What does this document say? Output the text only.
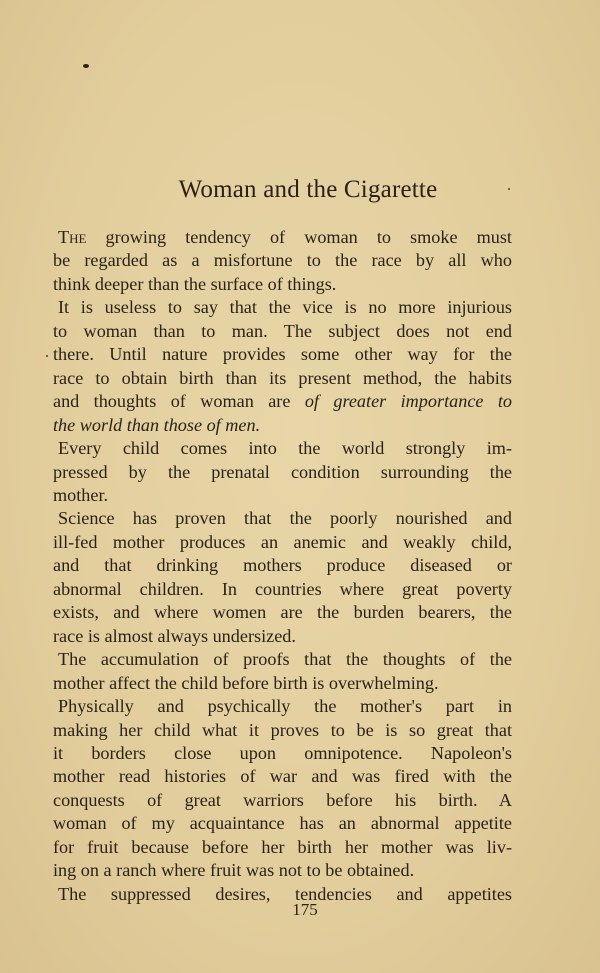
Woman and the Cigarette
The growing tendency of woman to smoke must
be regarded as a misfortune to the race by all who
think deeper than the surface of things.
It is useless to say that the vice is no more injurious
to woman than to man. The subject does not end
there. Until nature provides some other way for the
race to obtain birth than its present method, the habits
and thoughts of woman are of greater importance to
the world than those of men.
Every child comes into the world strongly im-
pressed by the prenatal condition surrounding the
mother.
Science has proven that the poorly nourished and
ill-fed mother produces an anemic and weakly child,
and that drinking mothers produce diseased or
abnormal children. In countries where great poverty
exists, and where women are the burden bearers, the
race is almost always undersized.
The accumulation of proofs that the thoughts of the
mother affect the child before birth is overwhelming.
Physically and psychically the mother's part in
making her child what it proves to be is so great that
it borders close upon omnipotence. Napoleon's
mother read histories of war and was fired with the
conquests of great warriors before his birth. A
woman of my acquaintance has an abnormal appetite
for fruit because before her birth her mother was liv-
ing on a ranch where fruit was not to be obtained.
The suppressed desires, tendencies and appetites
175
